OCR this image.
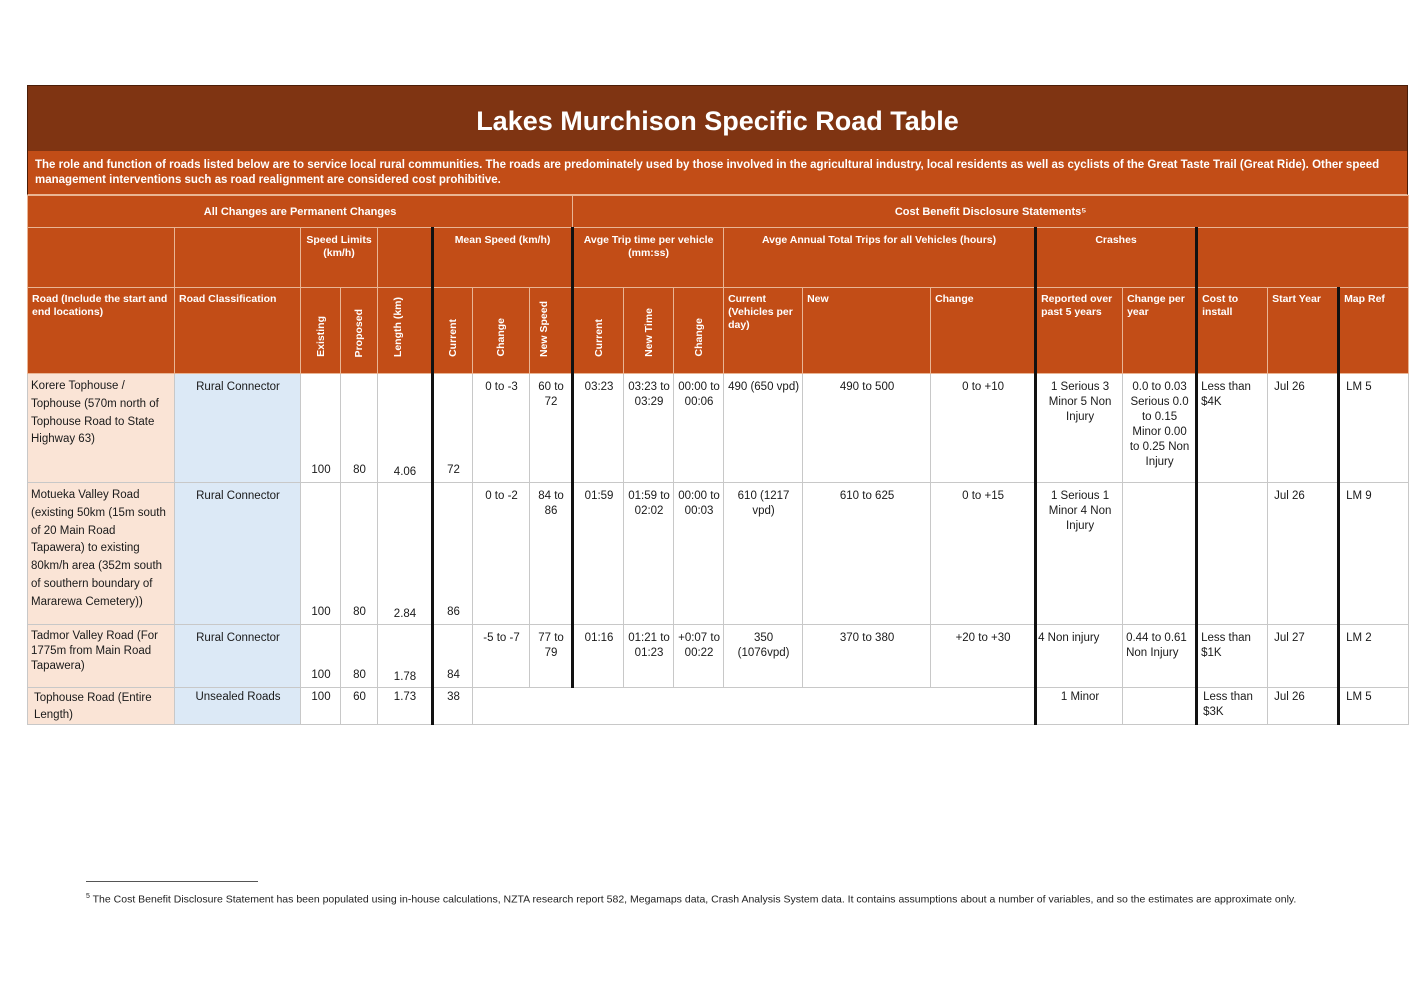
Lakes Murchison Specific Road Table
The role and function of roads listed below are to service local rural communities. The roads are predominately used by those involved in the agricultural industry, local residents as well as cyclists of the Great Taste Trail (Great Ride). Other speed management interventions such as road realignment are considered cost prohibitive.
All Changes are Permanent Changes								Cost Benefit Disclosure Statements⁵										
		Speed Limits (km/h)			Mean Speed (km/h)			Avge Trip time per vehicle (mm:ss)			Avge Annual Total Trips for all Vehicles (hours)			Crashes				
Road (Include the start and end locations)	Road Classification	Existing	Proposed	Length (km)	Current	Change	New Speed	Current	New Time	Change	Current (Vehicles per day)	New	Change	Reported over past 5 years	Change per year	Cost to install	Start Year	Map Ref
Korere Tophouse / Tophouse (570m north of Tophouse Road to State Highway 63)	Rural Connector	100	80	4.06	72	0 to -3	60 to 72	03:23	03:23 to 03:29	00:00 to 00:06	490 (650 vpd)	490 to 500	0 to +10	1 Serious 3 Minor 5 Non Injury	0.0 to 0.03 Serious 0.0 to 0.15 Minor 0.00 to 0.25 Non Injury	Less than $4K	Jul 26	LM 5
Motueka Valley Road (existing 50km (15m south of 20 Main Road Tapawera) to existing 80km/h area (352m south of southern boundary of Mararewa Cemetery))	Rural Connector	100	80	2.84	86	0 to -2	84 to 86	01:59	01:59 to 02:02	00:00 to 00:03	610 (1217 vpd)	610 to 625	0 to +15	1 Serious 1 Minor 4 Non Injury			Jul 26	LM 9
Tadmor Valley Road (For 1775m from Main Road Tapawera)	Rural Connector	100	80	1.78	84	-5 to -7	77 to 79	01:16	01:21 to 01:23	+0:07 to 00:22	350 (1076vpd)	370 to 380	+20 to +30	4 Non injury	0.44 to 0.61 Non Injury	Less than $1K	Jul 27	LM 2
Tophouse Road (Entire Length)	Unsealed Roads	100	60	1.73	38									1 Minor		Less than $3K	Jul 26	LM 5
$^5$ The Cost Benefit Disclosure Statement has been populated using in-house calculations, NZTA research report 582, Megamaps data, Crash Analysis System data. It contains assumptions about a number of variables, and so the estimates are approximate only.
